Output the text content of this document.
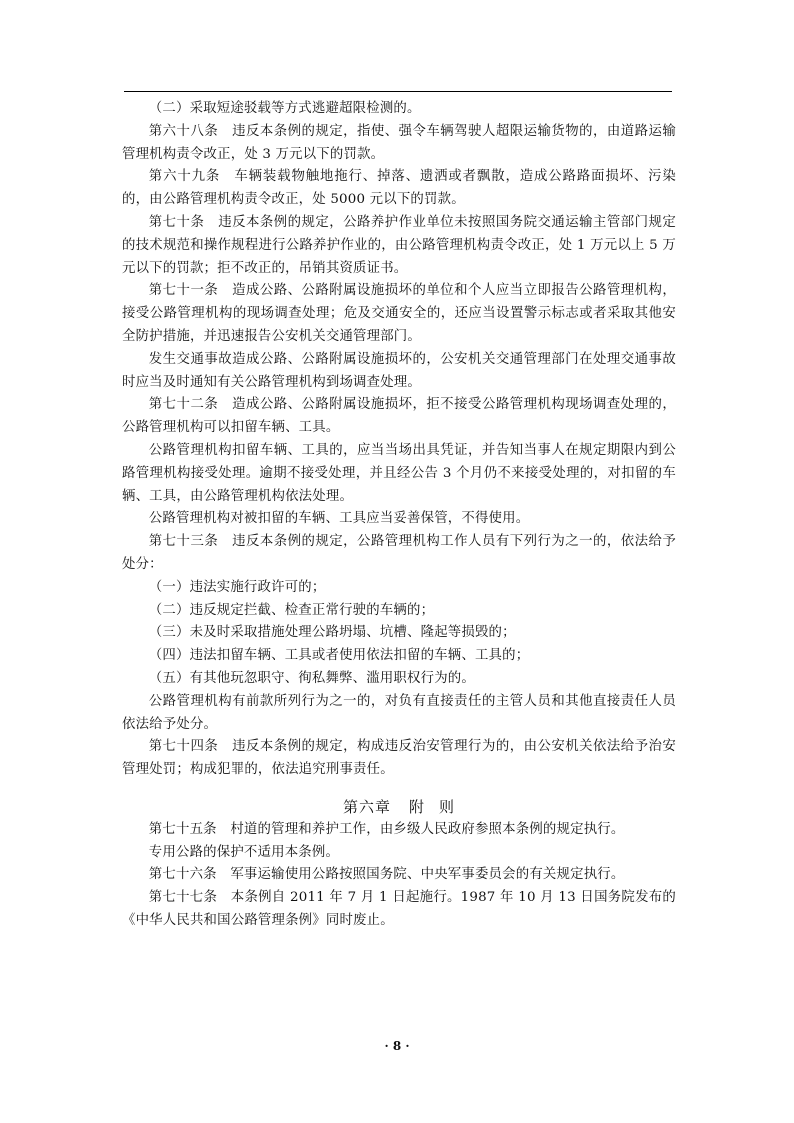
（二）采取短途驳载等方式逃避超限检测的。

第六十八条　违反本条例的规定，指使、强令车辆驾驶人超限运输货物的，由道路运输管理机构责令改正，处 3 万元以下的罚款。

第六十九条　车辆装载物触地拖行、掉落、遗洒或者飘散，造成公路路面损坏、污染的，由公路管理机构责令改正，处 5000 元以下的罚款。

第七十条　违反本条例的规定，公路养护作业单位未按照国务院交通运输主管部门规定的技术规范和操作规程进行公路养护作业的，由公路管理机构责令改正，处 1 万元以上 5 万元以下的罚款；拒不改正的，吊销其资质证书。

第七十一条　造成公路、公路附属设施损坏的单位和个人应当立即报告公路管理机构，接受公路管理机构的现场调查处理；危及交通安全的，还应当设置警示标志或者采取其他安全防护措施，并迅速报告公安机关交通管理部门。

发生交通事故造成公路、公路附属设施损坏的，公安机关交通管理部门在处理交通事故时应当及时通知有关公路管理机构到场调查处理。

第七十二条　造成公路、公路附属设施损坏，拒不接受公路管理机构现场调查处理的，公路管理机构可以扣留车辆、工具。

公路管理机构扣留车辆、工具的，应当当场出具凭证，并告知当事人在规定期限内到公路管理机构接受处理。逾期不接受处理，并且经公告 3 个月仍不来接受处理的，对扣留的车辆、工具，由公路管理机构依法处理。

公路管理机构对被扣留的车辆、工具应当妥善保管，不得使用。

第七十三条　违反本条例的规定，公路管理机构工作人员有下列行为之一的，依法给予处分：

（一）违法实施行政许可的；

（二）违反规定拦截、检查正常行驶的车辆的；

（三）未及时采取措施处理公路坍塌、坑槽、隆起等损毁的；

（四）违法扣留车辆、工具或者使用依法扣留的车辆、工具的；

（五）有其他玩忽职守、徇私舞弊、滥用职权行为的。

公路管理机构有前款所列行为之一的，对负有直接责任的主管人员和其他直接责任人员依法给予处分。

第七十四条　违反本条例的规定，构成违反治安管理行为的，由公安机关依法给予治安管理处罚；构成犯罪的，依法追究刑事责任。

第六章 附 则

第七十五条　村道的管理和养护工作，由乡级人民政府参照本条例的规定执行。

专用公路的保护不适用本条例。

第七十六条　军事运输使用公路按照国务院、中央军事委员会的有关规定执行。

第七十七条　本条例自 2011 年 7 月 1 日起施行。1987 年 10 月 13 日国务院发布的《中华人民共和国公路管理条例》同时废止。

· 8 ·
